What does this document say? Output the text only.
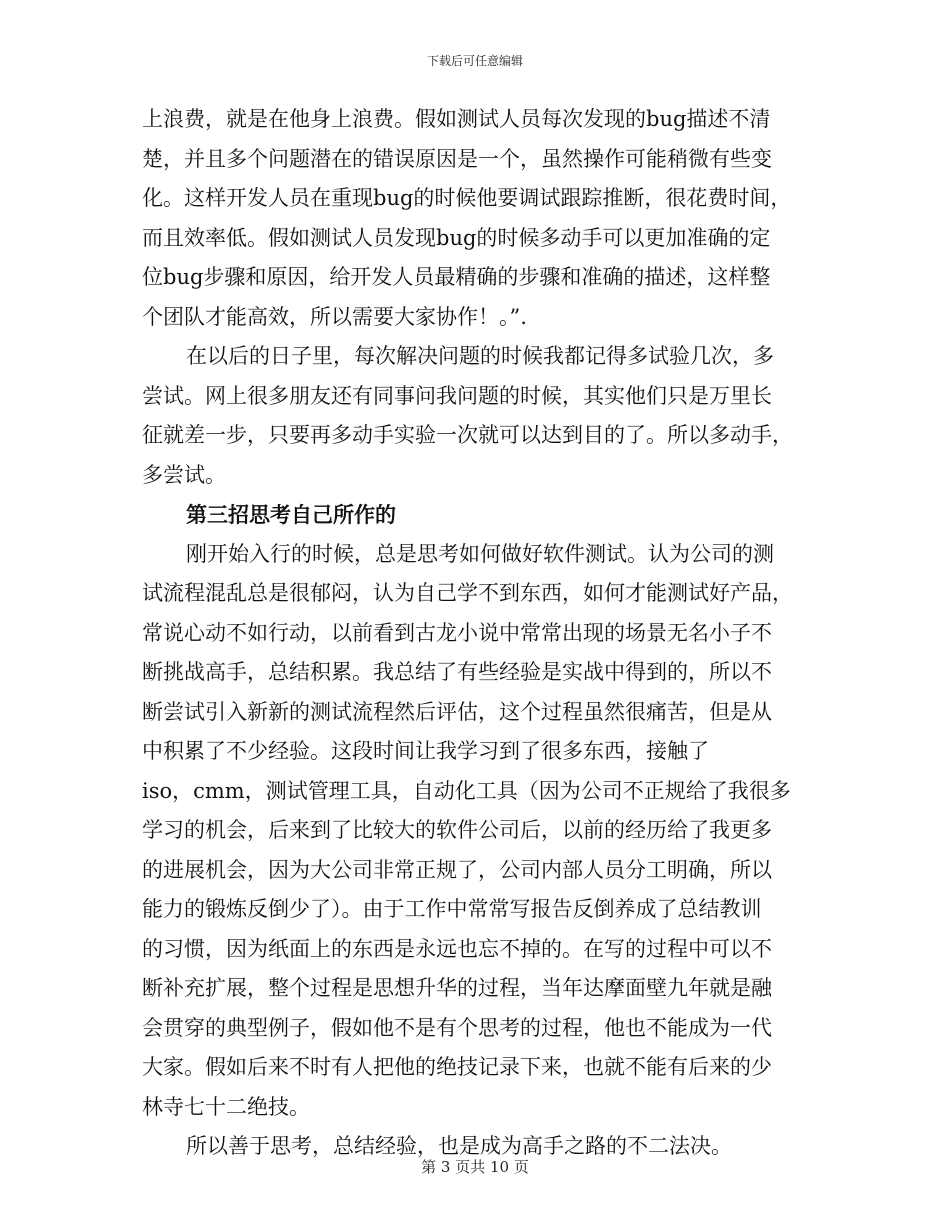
下载后可任意编辑
上浪费，就是在他身上浪费。假如测试人员每次发现的bug描述不清
楚，并且多个问题潜在的错误原因是一个，虽然操作可能稍微有些变
化。这样开发人员在重现bug的时候他要调试跟踪推断，很花费时间，
而且效率低。假如测试人员发现bug的时候多动手可以更加准确的定
位bug步骤和原因，给开发人员最精确的步骤和准确的描述，这样整
个团队才能高效，所以需要大家协作！。”.
在以后的日子里，每次解决问题的时候我都记得多试验几次，多
尝试。网上很多朋友还有同事问我问题的时候，其实他们只是万里长
征就差一步，只要再多动手实验一次就可以达到目的了。所以多动手，
多尝试。
第三招思考自己所作的
刚开始入行的时候，总是思考如何做好软件测试。认为公司的测
试流程混乱总是很郁闷，认为自己学不到东西，如何才能测试好产品，
常说心动不如行动，以前看到古龙小说中常常出现的场景无名小子不
断挑战高手，总结积累。我总结了有些经验是实战中得到的，所以不
断尝试引入新新的测试流程然后评估，这个过程虽然很痛苦，但是从
中积累了不少经验。这段时间让我学习到了很多东西，接触了
iso，cmm，测试管理工具，自动化工具（因为公司不正规给了我很多
学习的机会，后来到了比较大的软件公司后，以前的经历给了我更多
的进展机会，因为大公司非常正规了，公司内部人员分工明确，所以
能力的锻炼反倒少了）。由于工作中常常写报告反倒养成了总结教训
的习惯，因为纸面上的东西是永远也忘不掉的。在写的过程中可以不
断补充扩展，整个过程是思想升华的过程，当年达摩面壁九年就是融
会贯穿的典型例子，假如他不是有个思考的过程，他也不能成为一代
大家。假如后来不时有人把他的绝技记录下来，也就不能有后来的少
林寺七十二绝技。
所以善于思考，总结经验，也是成为高手之路的不二法决。
第 3 页共 10 页
